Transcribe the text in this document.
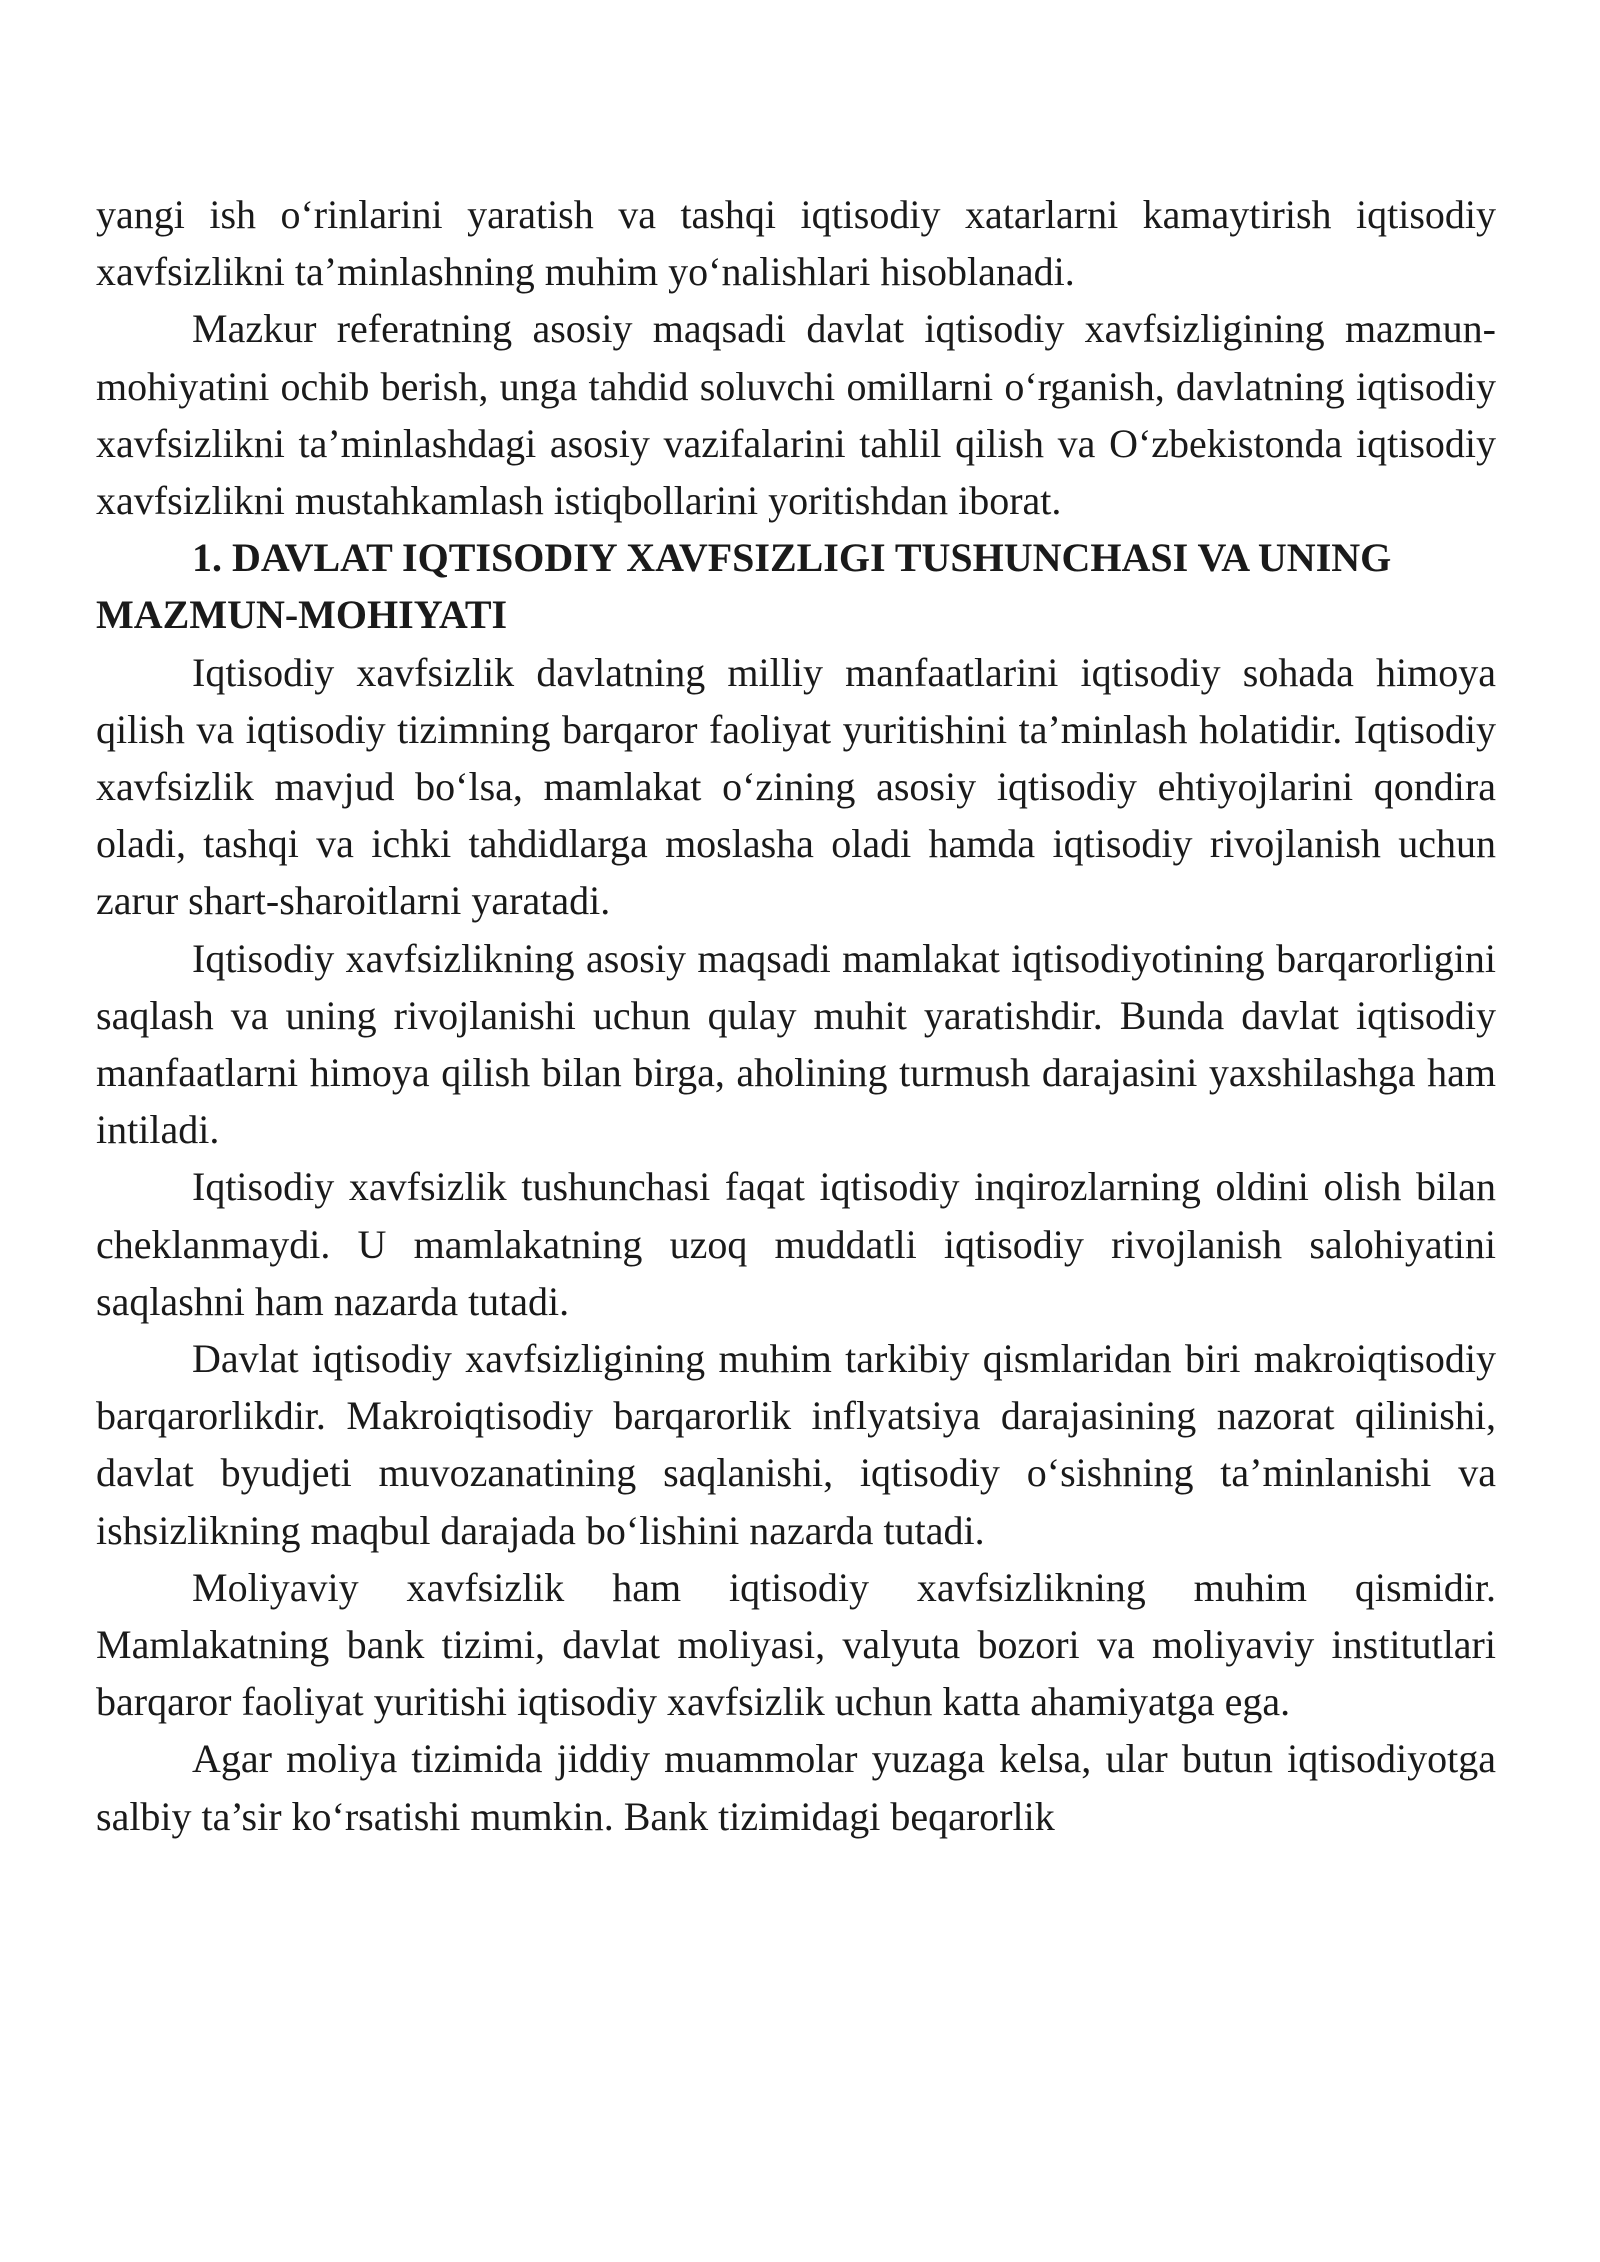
yangi ish o‘rinlarini yaratish va tashqi iqtisodiy xatarlarni kamaytirish iqtisodiy xavfsizlikni ta’minlashning muhim yo‘nalishlari hisoblanadi.

Mazkur referatning asosiy maqsadi davlat iqtisodiy xavfsizligining mazmun-mohiyatini ochib berish, unga tahdid soluvchi omillarni o‘rganish, davlatning iqtisodiy xavfsizlikni ta’minlashdagi asosiy vazifalarini tahlil qilish va O‘zbekistonda iqtisodiy xavfsizlikni mustahkamlash istiqbollarini yoritishdan iborat.

1. DAVLAT IQTISODIY XAVFSIZLIGI TUSHUNCHASI VA UNING MAZMUN-MOHIYATI

Iqtisodiy xavfsizlik davlatning milliy manfaatlarini iqtisodiy sohada himoya qilish va iqtisodiy tizimning barqaror faoliyat yuritishini ta’minlash holatidir. Iqtisodiy xavfsizlik mavjud bo‘lsa, mamlakat o‘zining asosiy iqtisodiy ehtiyojlarini qondira oladi, tashqi va ichki tahdidlarga moslasha oladi hamda iqtisodiy rivojlanish uchun zarur shart-sharoitlarni yaratadi.

Iqtisodiy xavfsizlikning asosiy maqsadi mamlakat iqtisodiyotining barqarorligini saqlash va uning rivojlanishi uchun qulay muhit yaratishdir. Bunda davlat iqtisodiy manfaatlarni himoya qilish bilan birga, aholining turmush darajasini yaxshilashga ham intiladi.

Iqtisodiy xavfsizlik tushunchasi faqat iqtisodiy inqirozlarning oldini olish bilan cheklanmaydi. U mamlakatning uzoq muddatli iqtisodiy rivojlanish salohiyatini saqlashni ham nazarda tutadi.

Davlat iqtisodiy xavfsizligining muhim tarkibiy qismlaridan biri makroiqtisodiy barqarorlikdir. Makroiqtisodiy barqarorlik inflyatsiya darajasining nazorat qilinishi, davlat byudjeti muvozanatining saqlanishi, iqtisodiy o‘sishning ta’minlanishi va ishsizlikning maqbul darajada bo‘lishini nazarda tutadi.

Moliyaviy xavfsizlik ham iqtisodiy xavfsizlikning muhim qismidir. Mamlakatning bank tizimi, davlat moliyasi, valyuta bozori va moliyaviy institutlari barqaror faoliyat yuritishi iqtisodiy xavfsizlik uchun katta ahamiyatga ega.

Agar moliya tizimida jiddiy muammolar yuzaga kelsa, ular butun iqtisodiyotga salbiy ta’sir ko‘rsatishi mumkin. Bank tizimidagi beqarorlik
